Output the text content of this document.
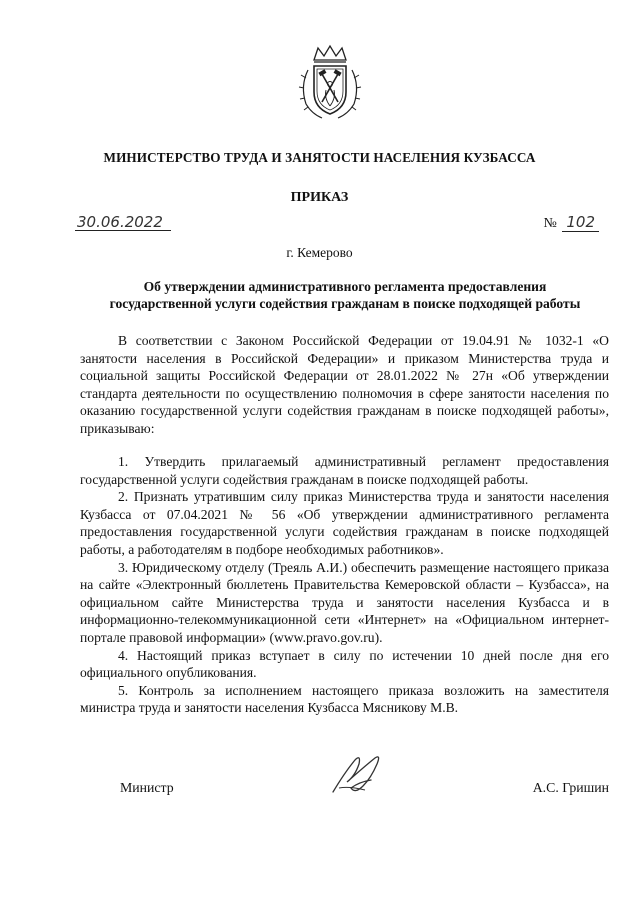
МИНИСТЕРСТВО ТРУДА И ЗАНЯТОСТИ НАСЕЛЕНИЯ КУЗБАССА
ПРИКАЗ
30.06.2022	№ 102
г. Кемерово
Об утверждении административного регламента предоставления
государственной услуги содействия гражданам в поиске подходящей работы

В соответствии с Законом Российской Федерации от 19.04.91 № 1032-1 «О занятости населения в Российской Федерации» и приказом Министерства труда и социальной защиты Российской Федерации от 28.01.2022 № 27н «Об утверждении стандарта деятельности по осуществлению полномочия в сфере занятости населения по оказанию государственной услуги содействия гражданам в поиске подходящей работы», приказываю:

1. Утвердить прилагаемый административный регламент предоставления государственной услуги содействия гражданам в поиске подходящей работы.

2. Признать утратившим силу приказ Министерства труда и занятости населения Кузбасса от 07.04.2021 № 56 «Об утверждении административного регламента предоставления государственной услуги содействия гражданам в поиске подходящей работы, а работодателям в подборе необходимых работников».

3. Юридическому отделу (Треяль А.И.) обеспечить размещение настоящего приказа на сайте «Электронный бюллетень Правительства Кемеровской области – Кузбасса», на официальном сайте Министерства труда и занятости населения Кузбасса и в информационно-телекоммуникационной сети «Интернет» на «Официальном интернет-портале правовой информации» (www.pravo.gov.ru).

4. Настоящий приказ вступает в силу по истечении 10 дней после дня его официального опубликования.

5. Контроль за исполнением настоящего приказа возложить на заместителя министра труда и занятости населения Кузбасса Мясникову М.В.

Министр	А.С. Гришин
